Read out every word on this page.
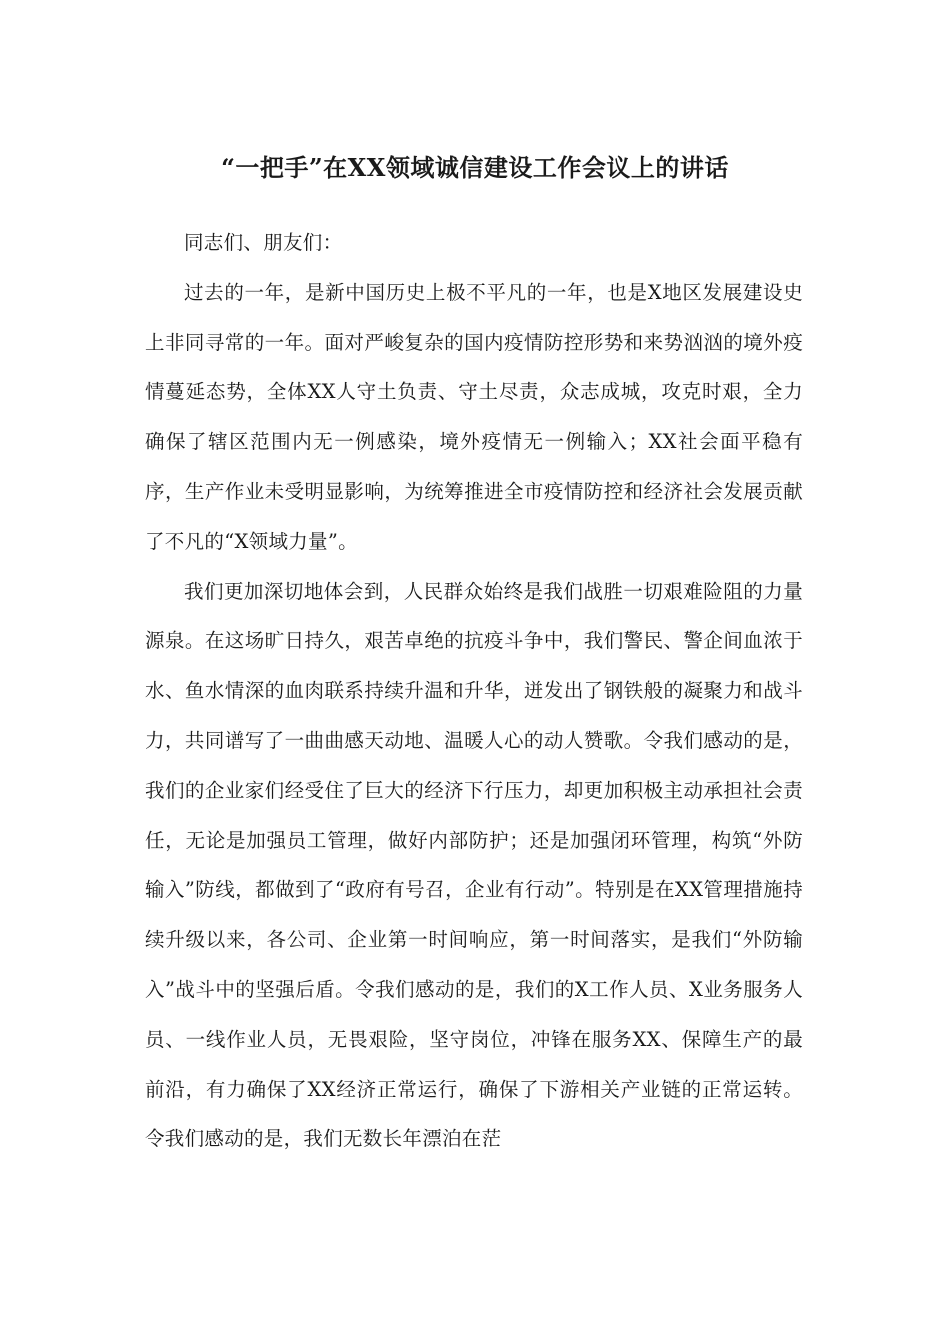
“一把手”在XX领域诚信建设工作会议上的讲话

同志们、朋友们：

过去的一年，是新中国历史上极不平凡的一年，也是X地区发展建设史上非同寻常的一年。面对严峻复杂的国内疫情防控形势和来势汹汹的境外疫情蔓延态势，全体XX人守土负责、守土尽责，众志成城，攻克时艰，全力确保了辖区范围内无一例感染，境外疫情无一例输入；XX社会面平稳有序，生产作业未受明显影响，为统筹推进全市疫情防控和经济社会发展贡献了不凡的“X领域力量”。

我们更加深切地体会到，人民群众始终是我们战胜一切艰难险阻的力量源泉。在这场旷日持久，艰苦卓绝的抗疫斗争中，我们警民、警企间血浓于水、鱼水情深的血肉联系持续升温和升华，迸发出了钢铁般的凝聚力和战斗力，共同谱写了一曲曲感天动地、温暖人心的动人赞歌。令我们感动的是，我们的企业家们经受住了巨大的经济下行压力，却更加积极主动承担社会责任，无论是加强员工管理，做好内部防护；还是加强闭环管理，构筑“外防输入”防线，都做到了“政府有号召，企业有行动”。特别是在XX管理措施持续升级以来，各公司、企业第一时间响应，第一时间落实，是我们“外防输入”战斗中的坚强后盾。令我们感动的是，我们的X工作人员、X业务服务人员、一线作业人员，无畏艰险，坚守岗位，冲锋在服务XX、保障生产的最前沿，有力确保了XX经济正常运行，确保了下游相关产业链的正常运转。令我们感动的是，我们无数长年漂泊在茫
